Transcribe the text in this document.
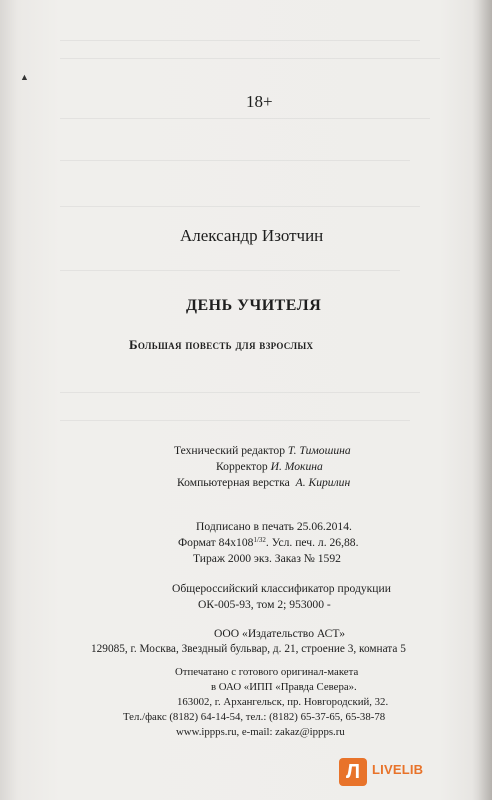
▲
18+
Александр Изотчин
ДЕНЬ УЧИТЕЛЯ
Большая повесть для взрослых
Технический редактор Т. Тимошина
Корректор И. Мокина
Компьютерная верстка А. Кирилин
Подписано в печать 25.06.2014.
Формат $84х108^{1/32}$. Усл. печ. л. 26,88.
Тираж 2000 экз. Заказ № 1592
Общероссийский классификатор продукции
ОК-005-93, том 2; 953000 -
ООО «Издательство АСТ»
129085, г. Москва, Звездный бульвар, д. 21, строение 3, комната 5
Отпечатано с готового оригинал-макета
в ОАО «ИПП «Правда Севера».
163002, г. Архангельск, пр. Новгородский, 32.
Тел./факс (8182) 64-14-54, тел.: (8182) 65-37-65, 65-38-78
www.ippps.ru, e-mail: zakaz@ippps.ru
Л LIVELIB
